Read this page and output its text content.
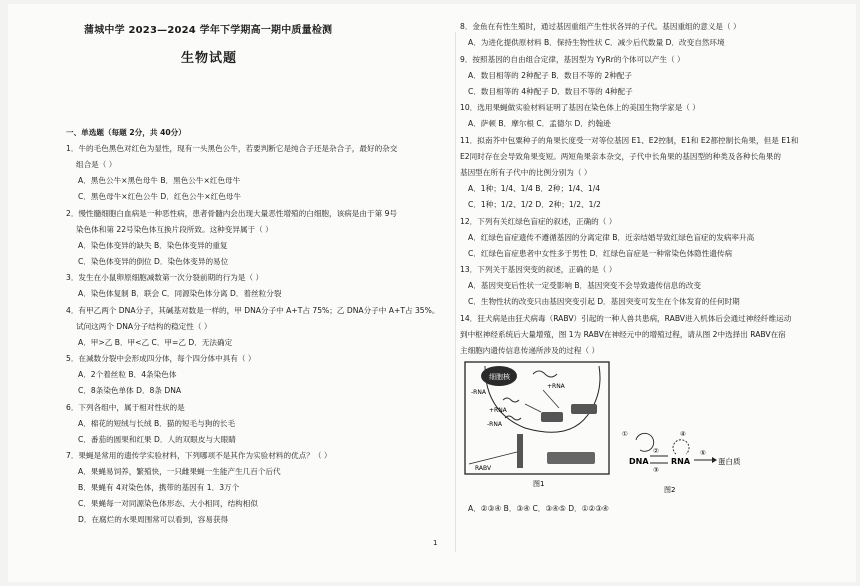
蒲城中学 2023—2024 学年下学期高一期中质量检测
生物试题
一、单选题（每题 2分，共 40分）
1．牛的毛色黑色对红色为显性，现有一头黑色公牛，若要判断它是纯合子还是杂合子，最好的杂交
组合是（ ）
A．黑色公牛×黑色母牛 B．黑色公牛×红色母牛
C．黑色母牛×红色公牛 D．红色公牛×红色母牛
2．慢性髓细胞白血病是一种恶性病，患者骨髓内会出现大量恶性增殖的白细胞，该病是由于第 9号
染色体和第 22号染色体互换片段所致。这种变异属于（ ）
A．染色体变异的缺失 B．染色体变异的重复
C．染色体变异的倒位 D．染色体变异的易位
3．发生在小鼠卵原细胞减数第一次分裂前期的行为是（ ）
A．染色体复制 B．联会 C．同源染色体分离 D．着丝粒分裂
4．有甲乙两个 DNA分子，其碱基对数是一样的，甲 DNA分子中 A+T占 75%；乙 DNA分子中 A+T占 35%。
试问这两个 DNA分子结构的稳定性（ ）
A．甲>乙 B．甲<乙 C．甲=乙 D．无法确定
5．在减数分裂中会形成四分体，每个四分体中具有（ ）
A．2个着丝粒 B．4条染色体
C．8条染色单体 D．8条 DNA
6．下列各组中，属于相对性状的是
A．棉花的短绒与长绒 B．猫的短毛与狗的长毛
C．番茄的圆果和红果 D．人的双眼皮与大眼睛
7．果蝇是常用的遗传学实验材料，下列哪项不是其作为实验材料的优点？（ ）
A．果蝇易饲养，繁殖快，一只雌果蝇一生能产生几百个后代
B．果蝇有 4对染色体，携带的基因有 1．3万个
C．果蝇每一对同源染色体形态、大小相同，结构相似
D．在腐烂的水果周围常可以看到，容易获得
8．金鱼在有性生殖时，通过基因重组产生性状各异的子代。基因重组的意义是（ ）
A．为进化提供原材料 B．保持生物性状 C．减少后代数量 D．改变自然环境
9．按照基因的自由组合定律，基因型为 YyRr的个体可以产生（ ）
A．数目相等的 2种配子 B．数目不等的 2种配子
C．数目相等的 4种配子 D．数目不等的 4种配子
10．选用果蝇做实验材料证明了基因在染色体上的美国生物学家是（ ）
A．萨顿 B．摩尔根 C．孟德尔 D．约翰逊
11．拟南芥中包粟种子的角果长度受一对等位基因 E1、E2控制，E1和 E2都控制长角果，但是 E1和
E2同时存在会导致角果变短。两短角果亲本杂交，子代中长角果的基因型的种类及各种长角果的
基因型在所有子代中的比例分别为（ ）
A．1种；1/4、1/4 B．2种；1/4、1/4
C．1种；1/2、1/2 D．2种；1/2、1/2
12．下列有关红绿色盲症的叙述，正确的（ ）
A．红绿色盲症遗传不遵循基因的分离定律 B．近亲结婚导致红绿色盲症的发病率升高
C．红绿色盲症患者中女性多于男性 D．红绿色盲症是一种常染色体隐性遗传病
13．下列关于基因突变的叙述，正确的是（ ）
A．基因突变后性状一定受影响 B．基因突变不会导致遗传信息的改变
C．生物性状的改变只由基因突变引起 D．基因突变可发生在个体发育的任何时期
14．狂犬病是由狂犬病毒（RABV）引起的一种人兽共患病，RABV进入机体后会通过神经纤维运动
到中枢神经系统后大量增殖，图 1为 RABV在神经元中的增殖过程，请从图 2中选择出 RABV在宿
主细胞内遗传信息传递所涉及的过程（ ）
细胞核
-RNA
+RNA
+RNA
-RNA
RABV
图1
①
DNA
②
③
RNA
④
⑤
蛋白质
图2
A．②③④ B．③④ C．③④⑤ D．①②③④
1
